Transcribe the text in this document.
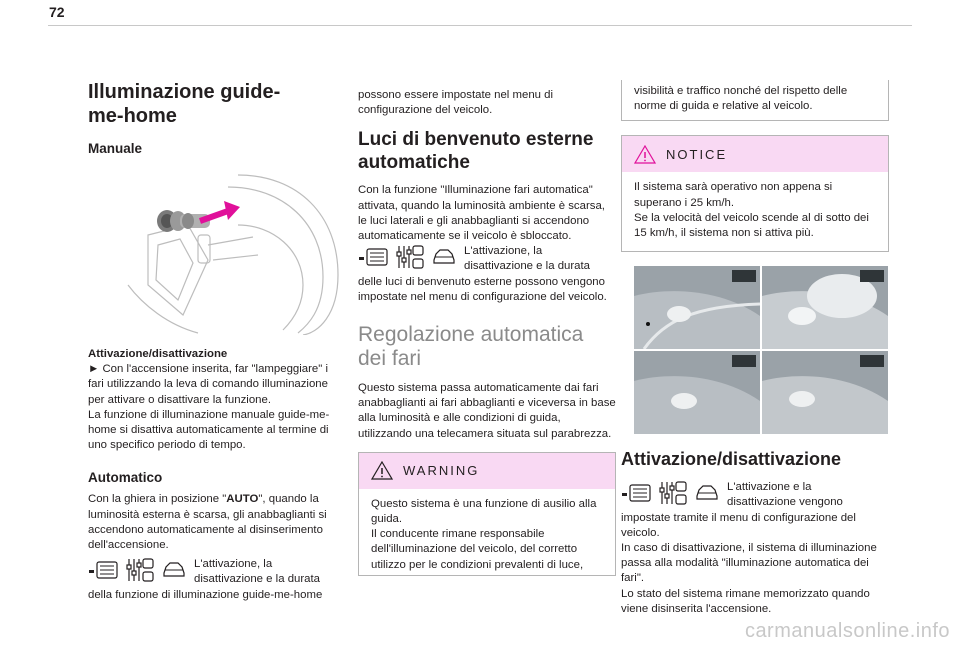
72
Illuminazione guide-me-home
Manuale
Attivazione/disattivazione

► Con l'accensione inserita, far "lampeggiare" i fari utilizzando la leva di comando illuminazione per attivare o disattivare la funzione.

La funzione di illuminazione manuale guide-me-home si disattiva automaticamente al termine di uno specifico periodo di tempo.

Automatico

Con la ghiera in posizione "AUTO", quando la luminosità esterna è scarsa, gli anabbaglianti si accendono automaticamente al disinserimento dell'accensione.

L'attivazione, la disattivazione e la durata

della funzione di illuminazione guide-me-home

possono essere impostate nel menu di configurazione del veicolo.

Luci di benvenuto esterne automatiche

Con la funzione "Illuminazione fari automatica" attivata, quando la luminosità ambiente è scarsa, le luci laterali e gli anabbaglianti si accendono automaticamente se il veicolo è sbloccato.

L'attivazione, la disattivazione e la durata

delle luci di benvenuto esterne possono vengono impostate nel menu di configurazione del veicolo.

Regolazione automatica dei fari

Questo sistema passa automaticamente dai fari anabbaglianti ai fari abbaglianti e viceversa in base alla luminosità e alle condizioni di guida, utilizzando una telecamera situata sul parabrezza.

WARNING
Questo sistema è una funzione di ausilio alla guida.
Il conducente rimane responsabile dell'illuminazione del veicolo, del corretto utilizzo per le condizioni prevalenti di luce,

visibilità e traffico nonché del rispetto delle norme di guida e relative al veicolo.

NOTICE
Il sistema sarà operativo non appena si superano i 25 km/h.
Se la velocità del veicolo scende al di sotto dei 15 km/h, il sistema non si attiva più.
Attivazione/disattivazione
L'attivazione e la disattivazione vengono

impostate tramite il menu di configurazione del veicolo.
In caso di disattivazione, il sistema di illuminazione passa alla modalità "illuminazione automatica dei fari".
Lo stato del sistema rimane memorizzato quando viene disinserita l'accensione.

carmanualsonline.info
